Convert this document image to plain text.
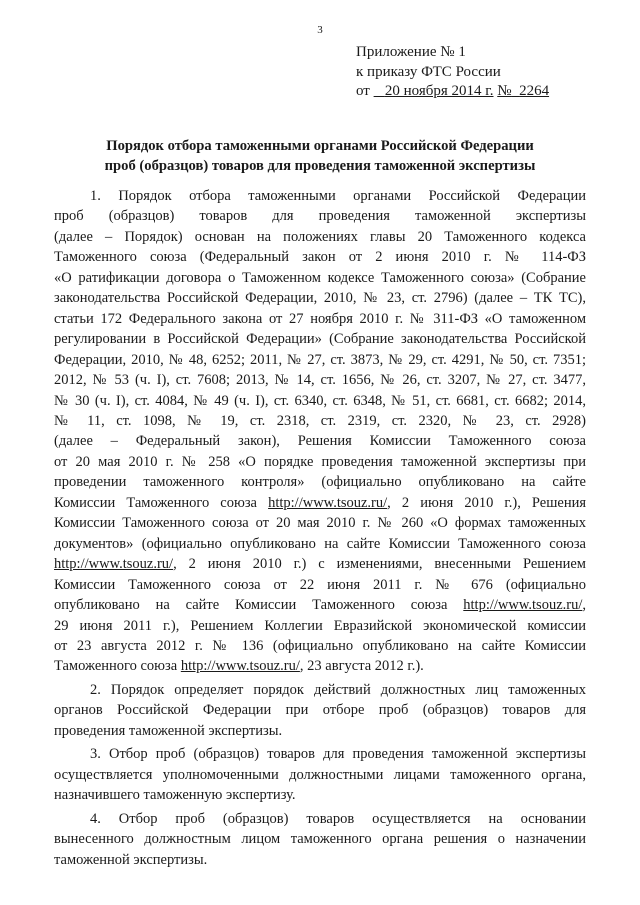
3
Приложение № 1
к приказу ФТС России
от 20 ноября 2014 г. № 2264
Порядок отбора таможенными органами Российской Федерации
проб (образцов) товаров для проведения таможенной экспертизы

1. Порядок отбора таможенными органами Российской Федерации
проб (образцов) товаров для проведения таможенной экспертизы
(далее – Порядок) основан на положениях главы 20 Таможенного кодекса
Таможенного союза (Федеральный закон от 2 июня 2010 г. № 114-ФЗ
«О ратификации договора о Таможенном кодексе Таможенного союза» (Собрание
законодательства Российской Федерации, 2010, № 23, ст. 2796) (далее – ТК ТС),
статьи 172 Федерального закона от 27 ноября 2010 г. № 311-ФЗ «О таможенном
регулировании в Российской Федерации» (Собрание законодательства Российской
Федерации, 2010, № 48, 6252; 2011, № 27, ст. 3873, № 29, ст. 4291, № 50, ст. 7351;
2012, № 53 (ч. I), ст. 7608; 2013, № 14, ст. 1656, № 26, ст. 3207, № 27, ст. 3477,
№ 30 (ч. I), ст. 4084, № 49 (ч. I), ст. 6340, ст. 6348, № 51, ст. 6681, ст. 6682; 2014,
№ 11, ст. 1098, № 19, ст. 2318, ст. 2319, ст. 2320, № 23, ст. 2928)
(далее – Федеральный закон), Решения Комиссии Таможенного союза
от 20 мая 2010 г. № 258 «О порядке проведения таможенной экспертизы при
проведении таможенного контроля» (официально опубликовано на сайте
Комиссии Таможенного союза http://www.tsouz.ru/, 2 июня 2010 г.), Решения
Комиссии Таможенного союза от 20 мая 2010 г. № 260 «О формах таможенных
документов» (официально опубликовано на сайте Комиссии Таможенного союза
http://www.tsouz.ru/, 2 июня 2010 г.) с изменениями, внесенными Решением
Комиссии Таможенного союза от 22 июня 2011 г. № 676 (официально
опубликовано на сайте Комиссии Таможенного союза http://www.tsouz.ru/,
29 июня 2011 г.), Решением Коллегии Евразийской экономической комиссии
от 23 августа 2012 г. № 136 (официально опубликовано на сайте Комиссии
Таможенного союза http://www.tsouz.ru/, 23 августа 2012 г.).

2. Порядок определяет порядок действий должностных лиц таможенных
органов Российской Федерации при отборе проб (образцов) товаров для
проведения таможенной экспертизы.

3. Отбор проб (образцов) товаров для проведения таможенной экспертизы
осуществляется уполномоченными должностными лицами таможенного органа,
назначившего таможенную экспертизу.

4. Отбор проб (образцов) товаров осуществляется на основании
вынесенного должностным лицом таможенного органа решения о назначении
таможенной экспертизы.
